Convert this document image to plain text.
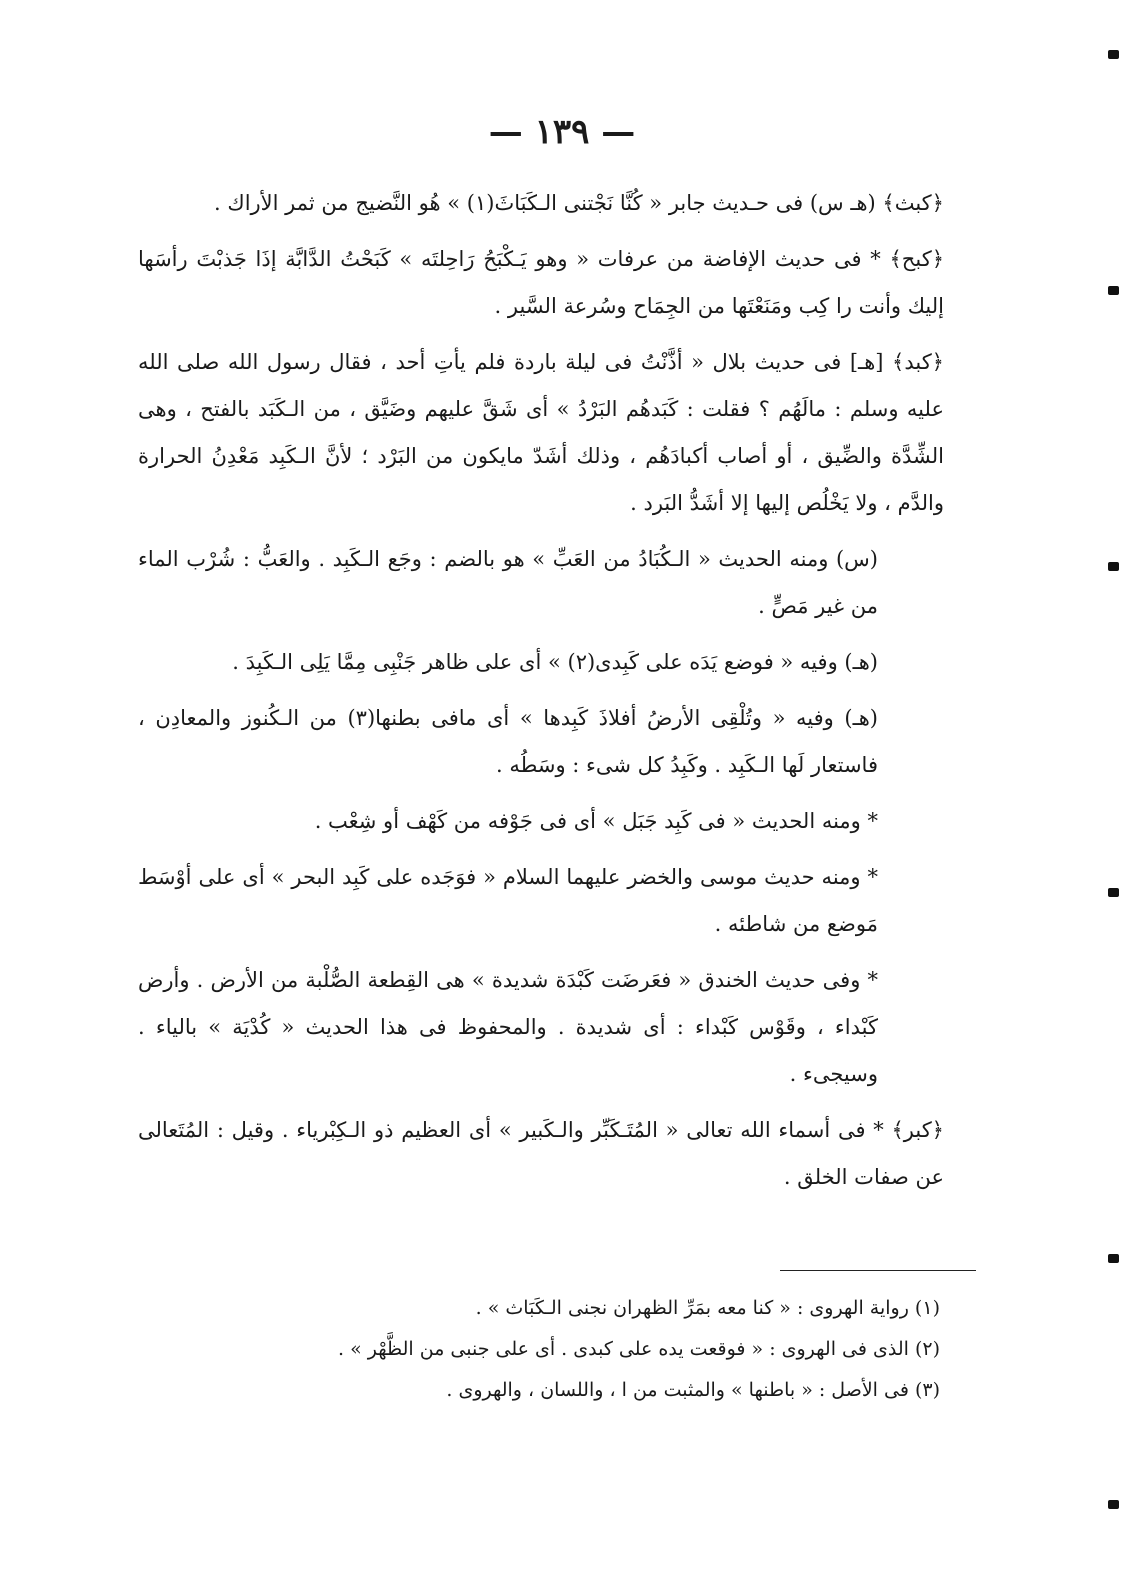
— ١٣٩ —

﴿كبث﴾ (هـ س) فى حـديث جابر « كُنَّا نَجْتنى الـكَبَاثَ(١) » هُو النَّضيج من ثمر الأراك .

﴿كبح﴾ * فى حديث الإفاضة من عرفات « وهو يَـكْبَحُ رَاحِلتَه » كَبَحْتُ الدَّابَّة إذَا جَذبْتَ رأسَها إليك وأنت را كِب ومَنَعْتَها من الجِمَاح وسُرعة السَّير .

﴿كبد﴾ [هـ] فى حديث بلال « أذَّنْتُ فى ليلة باردة فلم يأتِ أحد ، فقال رسول الله صلى الله عليه وسلم : مالَهُم ؟ فقلت : كَبَدهُم البَرْدُ » أى شَقَّ عليهم وضَيَّق ، من الـكَبَد بالفتح ، وهى الشِّدَّة والضِّيق ، أو أصاب أكبادَهُم ، وذلك أشَدّ مايكون من البَرْد ؛ لأنَّ الـكَبِد مَعْدِنُ الحرارة والدَّم ، ولا يَخْلُص إليها إلا أشَدُّ البَرد .

(س) ومنه الحديث « الـكُبَادُ من العَبِّ » هو بالضم : وجَع الـكَبِد . والعَبُّ : شُرْب الماء من غير مَصٍّ .

(هـ) وفيه « فوضع يَدَه على كَبِدى(٢) » أى على ظاهر جَنْبِى مِمَّا يَلِى الـكَبِدَ .

(هـ) وفيه « وتُلْقِى الأرضُ أفلاذَ كَبِدها » أى مافى بطنها(٣) من الـكُنوز والمعادِن ، فاستعار لَها الـكَبِد . وكَبِدُ كل شىء : وسَطُه .

* ومنه الحديث « فى كَبِد جَبَل » أى فى جَوْفه من كَهْف أو شِعْب .

* ومنه حديث موسى والخضر عليهما السلام « فوَجَده على كَبِد البحر » أى على أوْسَط مَوضع من شاطئه .

* وفى حديث الخندق « فعَرضَت كَبْدَة شديدة » هى القِطعة الصُّلْبة من الأرض . وأرض كَبْداء ، وقَوْس كَبْداء : أى شديدة . والمحفوظ فى هذا الحديث « كُدْيَة » بالياء . وسيجىء .

﴿كبر﴾ * فى أسماء الله تعالى « المُتَـكَبِّر والـكَبير » أى العظيم ذو الـكِبْرياء . وقيل : المُتَعالى عن صفات الخلق .

(١) رواية الهروى : « كنا معه بمَرِّ الظهران نجنى الـكَبَاث » .

(٢) الذى فى الهروى : « فوقعت يده على كبدى . أى على جنبى من الظَّهْر » .

(٣) فى الأصل : « باطنها » والمثبت من ا ، واللسان ، والهروى .
